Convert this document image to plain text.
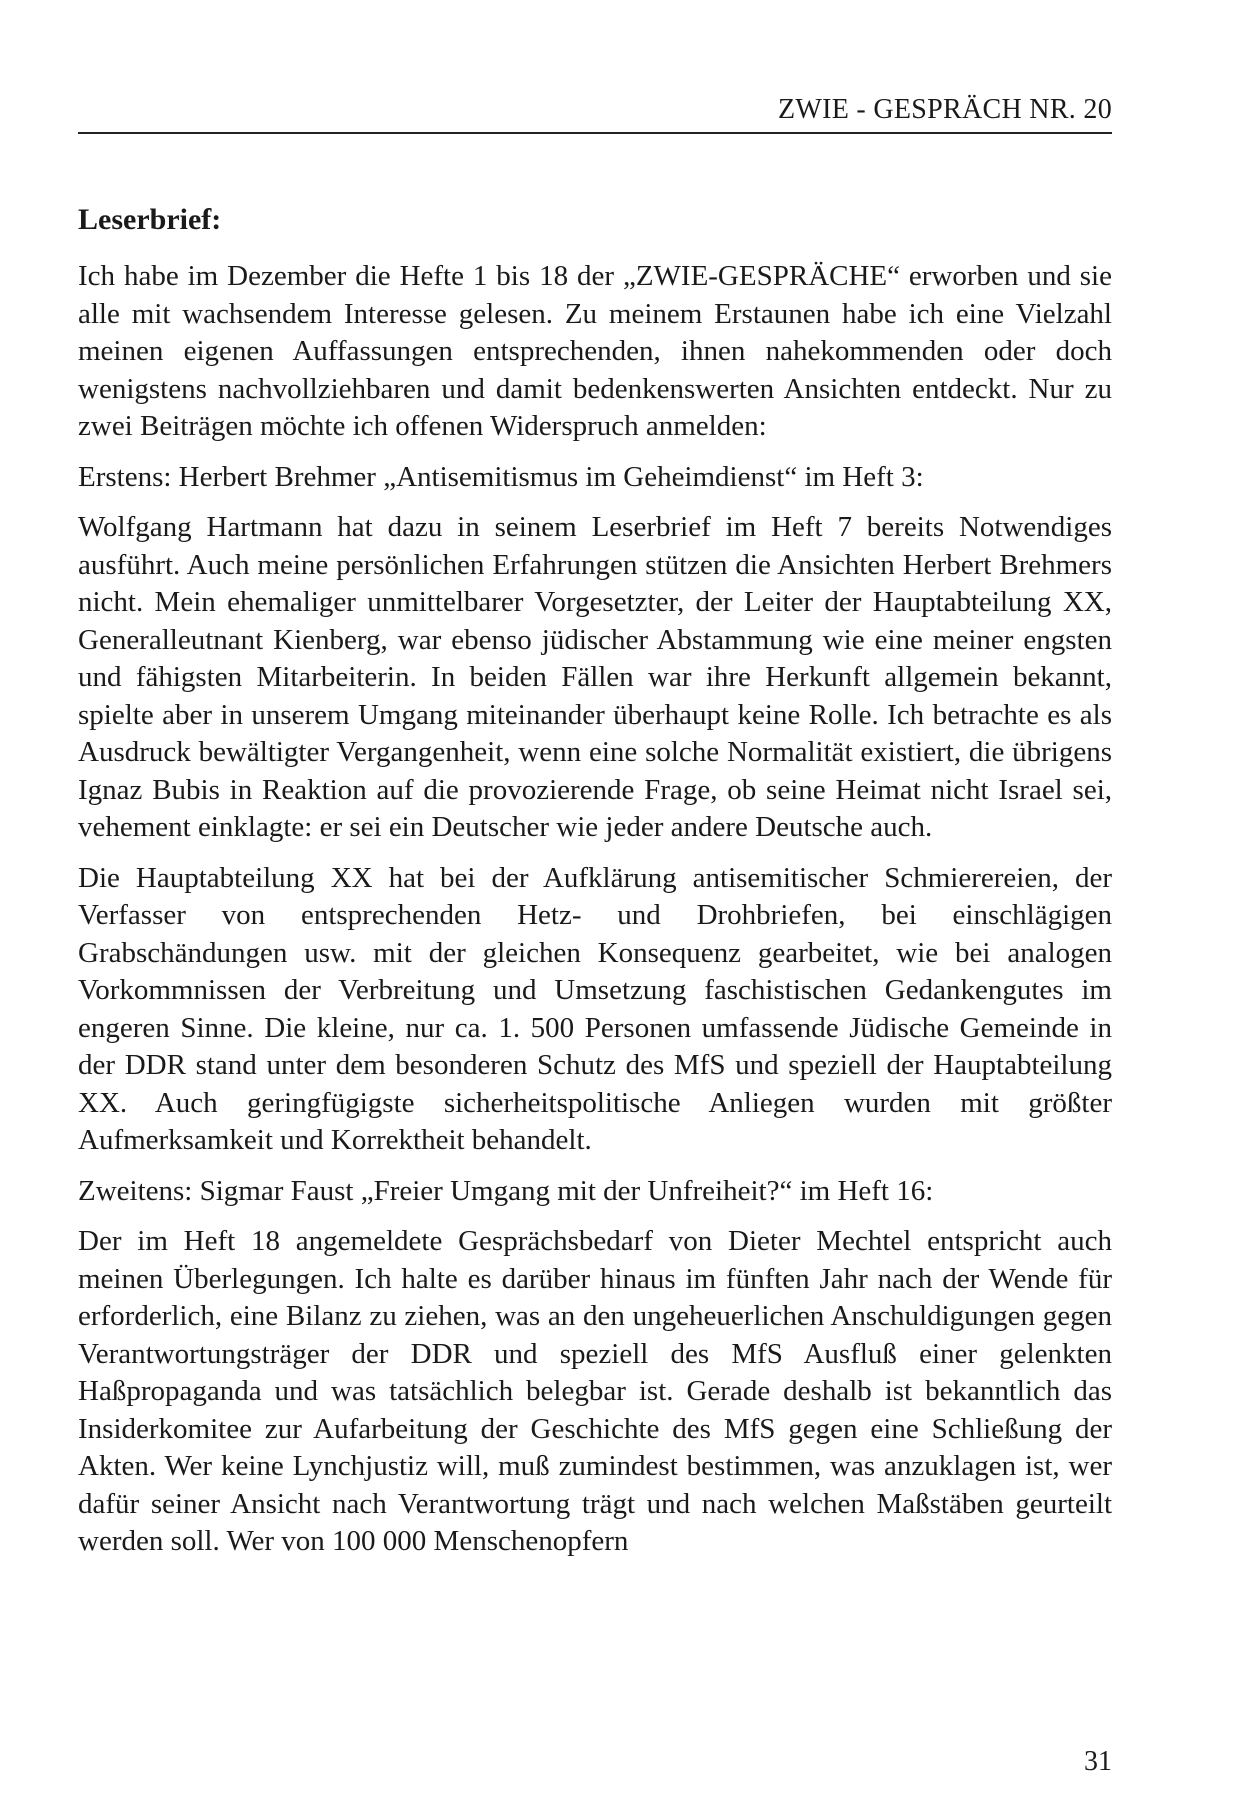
ZWIE - GESPRÄCH NR. 20
Leserbrief:

Ich habe im Dezember die Hefte 1 bis 18 der „ZWIE-GESPRÄCHE“ erworben und sie alle mit wachsendem Interesse gelesen. Zu meinem Erstaunen habe ich eine Vielzahl meinen eigenen Auffassungen entsprechenden, ihnen nahekommenden oder doch wenigstens nachvollziehbaren und damit bedenkenswerten Ansichten entdeckt. Nur zu zwei Beiträgen möchte ich offenen Widerspruch anmelden:

Erstens: Herbert Brehmer „Antisemitismus im Geheimdienst“ im Heft 3:

Wolfgang Hartmann hat dazu in seinem Leserbrief im Heft 7 bereits Notwendiges ausführt. Auch meine persönlichen Erfahrungen stützen die Ansichten Herbert Brehmers nicht. Mein ehemaliger unmittelbarer Vorgesetzter, der Leiter der Hauptabteilung XX, Generalleutnant Kienberg, war ebenso jüdischer Abstammung wie eine meiner engsten und fähigsten Mitarbeiterin. In beiden Fällen war ihre Herkunft allgemein bekannt, spielte aber in unserem Umgang miteinander überhaupt keine Rolle. Ich betrachte es als Ausdruck bewältigter Vergangenheit, wenn eine solche Normalität existiert, die übrigens Ignaz Bubis in Reaktion auf die provozierende Frage, ob seine Heimat nicht Israel sei, vehement einklagte: er sei ein Deutscher wie jeder andere Deutsche auch.

Die Hauptabteilung XX hat bei der Aufklärung antisemitischer Schmierereien, der Verfasser von entsprechenden Hetz- und Drohbriefen, bei einschlägigen Grabschändungen usw. mit der gleichen Konsequenz gearbeitet, wie bei analogen Vorkommnissen der Verbreitung und Umsetzung faschistischen Gedankengutes im engeren Sinne. Die kleine, nur ca. 1. 500 Personen umfassende Jüdische Gemeinde in der DDR stand unter dem besonderen Schutz des MfS und speziell der Hauptabteilung XX. Auch geringfügigste sicherheitspolitische Anliegen wurden mit größter Aufmerksamkeit und Korrektheit behandelt.

Zweitens: Sigmar Faust „Freier Umgang mit der Unfreiheit?“ im Heft 16:

Der im Heft 18 angemeldete Gesprächsbedarf von Dieter Mechtel entspricht auch meinen Überlegungen. Ich halte es darüber hinaus im fünften Jahr nach der Wende für erforderlich, eine Bilanz zu ziehen, was an den ungeheuerlichen Anschuldigungen gegen Verantwortungsträger der DDR und speziell des MfS Ausfluß einer gelenkten Haßpropaganda und was tatsächlich belegbar ist. Gerade deshalb ist bekanntlich das Insiderkomitee zur Aufarbeitung der Geschichte des MfS gegen eine Schließung der Akten. Wer keine Lynchjustiz will, muß zumindest bestimmen, was anzuklagen ist, wer dafür seiner Ansicht nach Verantwortung trägt und nach welchen Maßstäben geurteilt werden soll. Wer von 100 000 Menschenopfern

31
